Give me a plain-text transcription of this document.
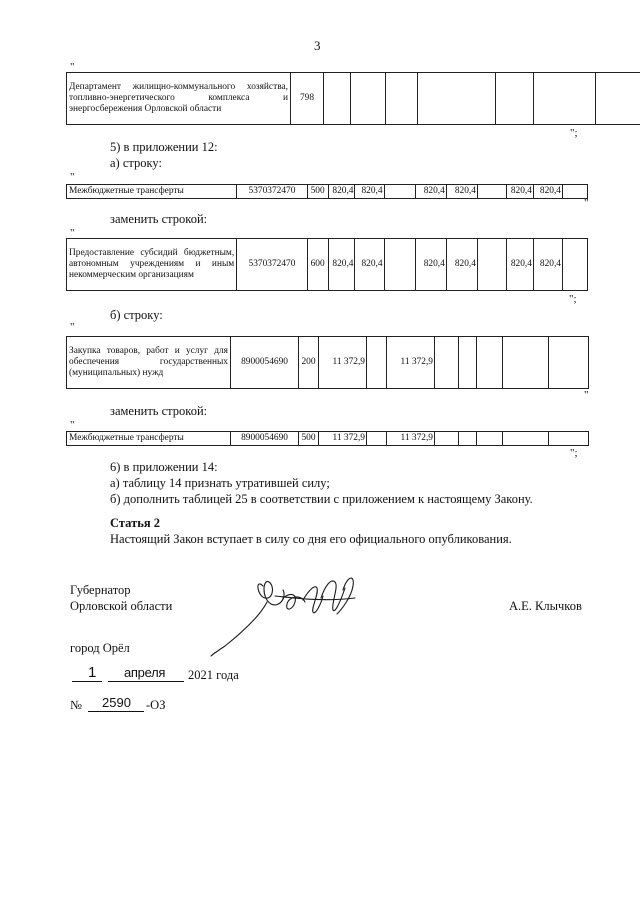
3
"
Департамент жилищно-коммунального хозяйства, топливно-энергетического комплекса и энергосбережения Орловской области	798							
";
5) в приложении 12:
а) строку:
"
Межбюджетные трансферты	5370372470	500	820,4	820,4		820,4	820,4		820,4	820,4	
"
заменить строкой:
"
Предоставление субсидий бюджетным, автономным учреждениям и иным некоммерческим организациям	5370372470	600	820,4	820,4		820,4	820,4		820,4	820,4	
";
б) строку:
"
Закупка товаров, работ и услуг для обеспечения государственных (муниципальных) нужд	8900054690	200	11 372,9		11 372,9					
"
заменить строкой:
"
Межбюджетные трансферты	8900054690	500	11 372,9		11 372,9					
";
6) в приложении 14:
а) таблицу 14 признать утратившей силу;
б) дополнить таблицей 25 в соответствии с приложением к настоящему Закону.
Статья 2
Настоящий Закон вступает в силу со дня его официального опубликования.
Губернатор
Орловской области	А.Е. Клычков
город Орёл
1 апреля 2021 года
№ 2590 -ОЗ
